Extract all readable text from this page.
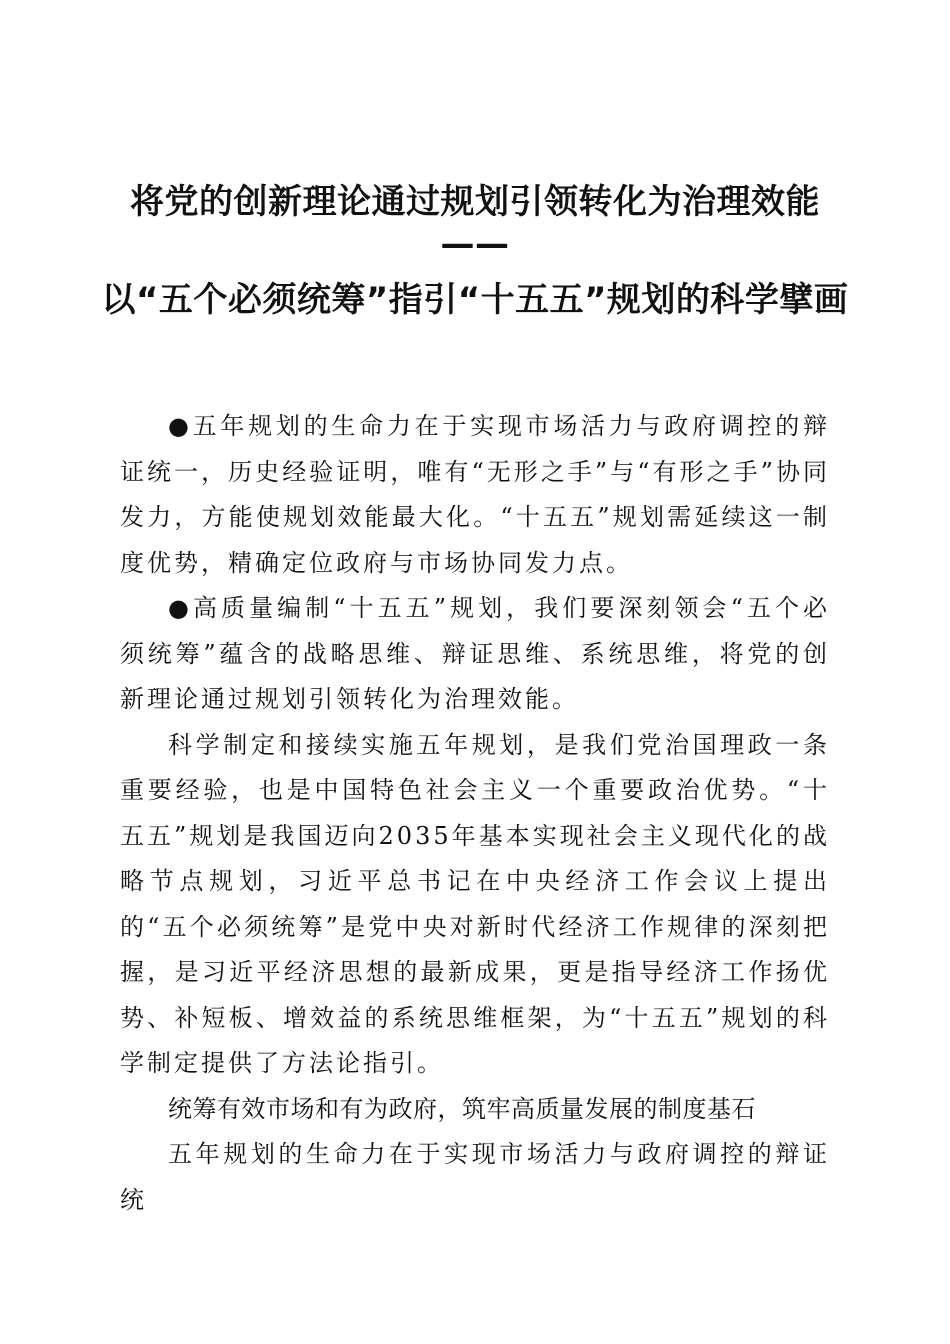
将党的创新理论通过规划引领转化为治理效能
——
以“五个必须统筹”指引“十五五”规划的科学擘画

●五年规划的生命力在于实现市场活力与政府调控的辩证统一，历史经验证明，唯有“无形之手”与“有形之手”协同发力，方能使规划效能最大化。“十五五”规划需延续这一制度优势，精确定位政府与市场协同发力点。

●高质量编制“十五五”规划，我们要深刻领会“五个必须统筹”蕴含的战略思维、辩证思维、系统思维，将党的创新理论通过规划引领转化为治理效能。

科学制定和接续实施五年规划，是我们党治国理政一条重要经验，也是中国特色社会主义一个重要政治优势。“十五五”规划是我国迈向2035年基本实现社会主义现代化的战略节点规划，习近平总书记在中央经济工作会议上提出的“五个必须统筹”是党中央对新时代经济工作规律的深刻把握，是习近平经济思想的最新成果，更是指导经济工作扬优势、补短板、增效益的系统思维框架，为“十五五”规划的科学制定提供了方法论指引。

统筹有效市场和有为政府，筑牢高质量发展的制度基石

五年规划的生命力在于实现市场活力与政府调控的辩证统
